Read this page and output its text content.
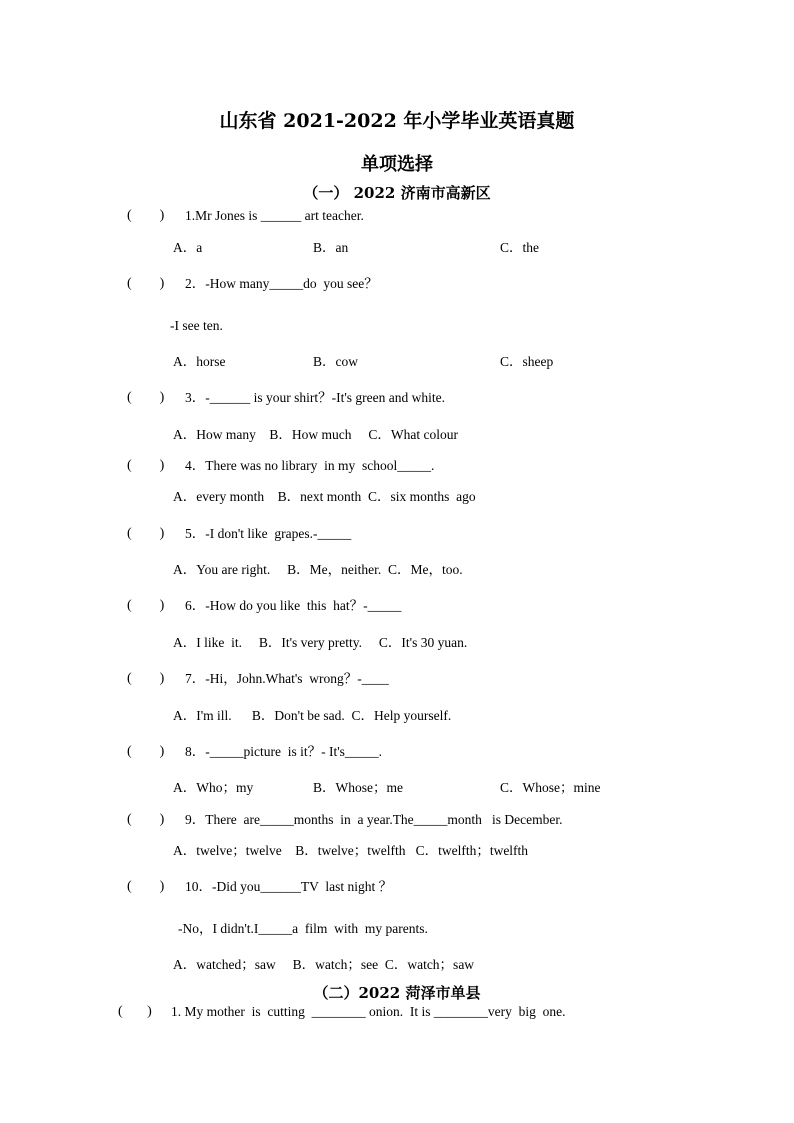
山东省 2021-2022 年小学毕业英语真题
单项选择
（一） 2022 济南市高新区
(        ) 1.Mr Jones is ______ art teacher.
A．a	B．an	C．the
(        ) 2．-How many_____do  you see？
-I see ten.
A．horse	B．cow	C．sheep
(        ) 3．-______ is your shirt？-It's green and white.
A．How many    B．How much     C．What colour
(        ) 4．There was no library  in my  school_____.
A．every month    B．next month  C．six months  ago
(        ) 5．-I don't like  grapes.-_____
A．You are right.     B．Me，neither.  C．Me，too.
(        ) 6．-How do you like  this  hat？-_____
A．I like  it.     B．It's very pretty.     C．It's 30 yuan.
(        ) 7．-Hi，John.What's  wrong？-____
A．I'm ill.      B．Don't be sad.  C．Help yourself.
(        ) 8．-_____picture  is it？- It's_____.
A．Who；my	B．Whose；me	C．Whose；mine
(        ) 9．There  are_____months  in  a year.The_____month   is December.
A．twelve；twelve    B．twelve；twelfth   C．twelfth；twelfth
(        ) 10．-Did you______TV  last night ？
-No，I didn't.I_____a  film  with  my parents.
A．watched；saw     B．watch；see  C．watch；saw
（二）2022 菏泽市单县
(       ) 1. My mother  is  cutting  ________ onion.  It is ________very  big  one.
